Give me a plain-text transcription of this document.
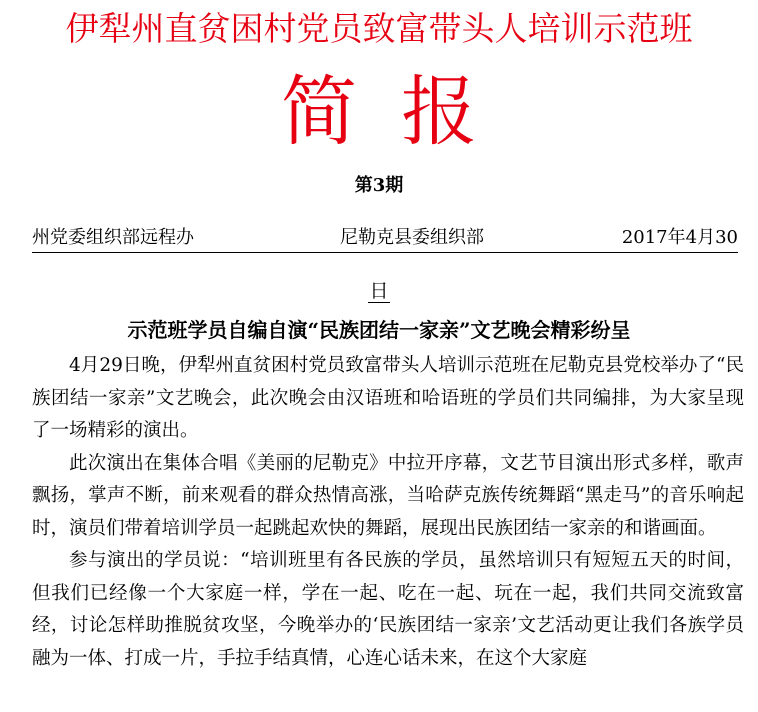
伊犁州直贫困村党员致富带头人培训示范班
简 报
第3期
州党委组织部远程办	尼勒克县委组织部	2017年4月30
日
示范班学员自编自演“民族团结一家亲”文艺晚会精彩纷呈

4月29日晚，伊犁州直贫困村党员致富带头人培训示范班在尼勒克县党校举办了“民族团结一家亲”文艺晚会，此次晚会由汉语班和哈语班的学员们共同编排，为大家呈现了一场精彩的演出。

此次演出在集体合唱《美丽的尼勒克》中拉开序幕，文艺节目演出形式多样，歌声飘扬，掌声不断，前来观看的群众热情高涨，当哈萨克族传统舞蹈“黑走马”的音乐响起时，演员们带着培训学员一起跳起欢快的舞蹈，展现出民族团结一家亲的和谐画面。

参与演出的学员说：“培训班里有各民族的学员，虽然培训只有短短五天的时间，但我们已经像一个大家庭一样，学在一起、吃在一起、玩在一起，我们共同交流致富经，讨论怎样助推脱贫攻坚，今晚举办的‘民族团结一家亲’文艺活动更让我们各族学员融为一体、打成一片，手拉手结真情，心连心话未来，在这个大家庭
